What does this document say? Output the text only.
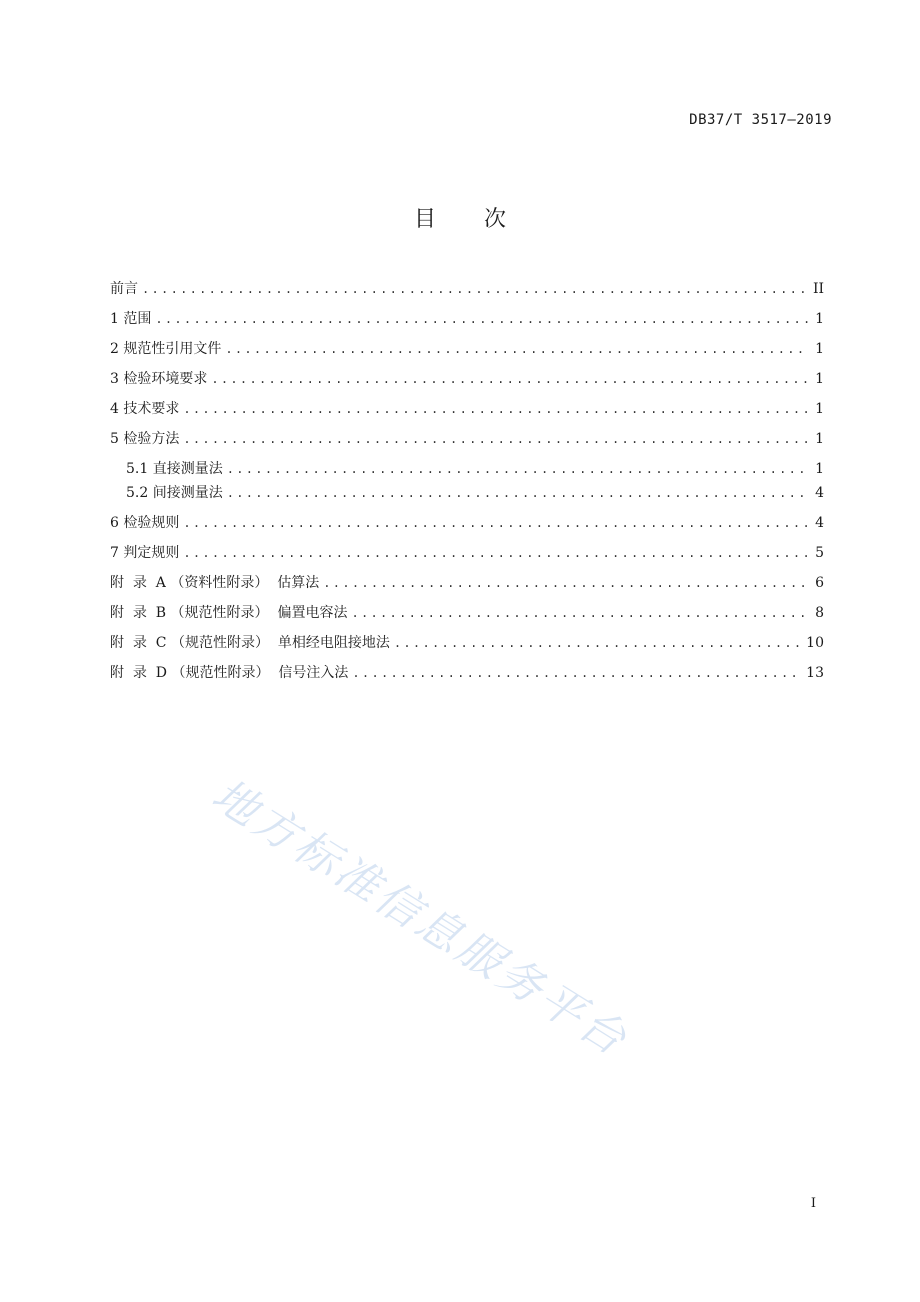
DB37/T 3517—2019
目 次
前言 .....	II
1 范围 .....	1
2 规范性引用文件 .....	1
3 检验环境要求 .....	1
4 技术要求 .....	1
5 检验方法 .....	1
5.1 直接测量法 .....	1
5.2 间接测量法 .....	4
6 检验规则 .....	4
7 判定规则 .....	5
附  录  A （资料性附录）  估算法 .....	6
附  录  B （规范性附录）  偏置电容法 .....	8
附  录  C （规范性附录）  单相经电阻接地法 .....	10
附  录  D （规范性附录）  信号注入法 .....	13
地方标准信息服务平台
I
